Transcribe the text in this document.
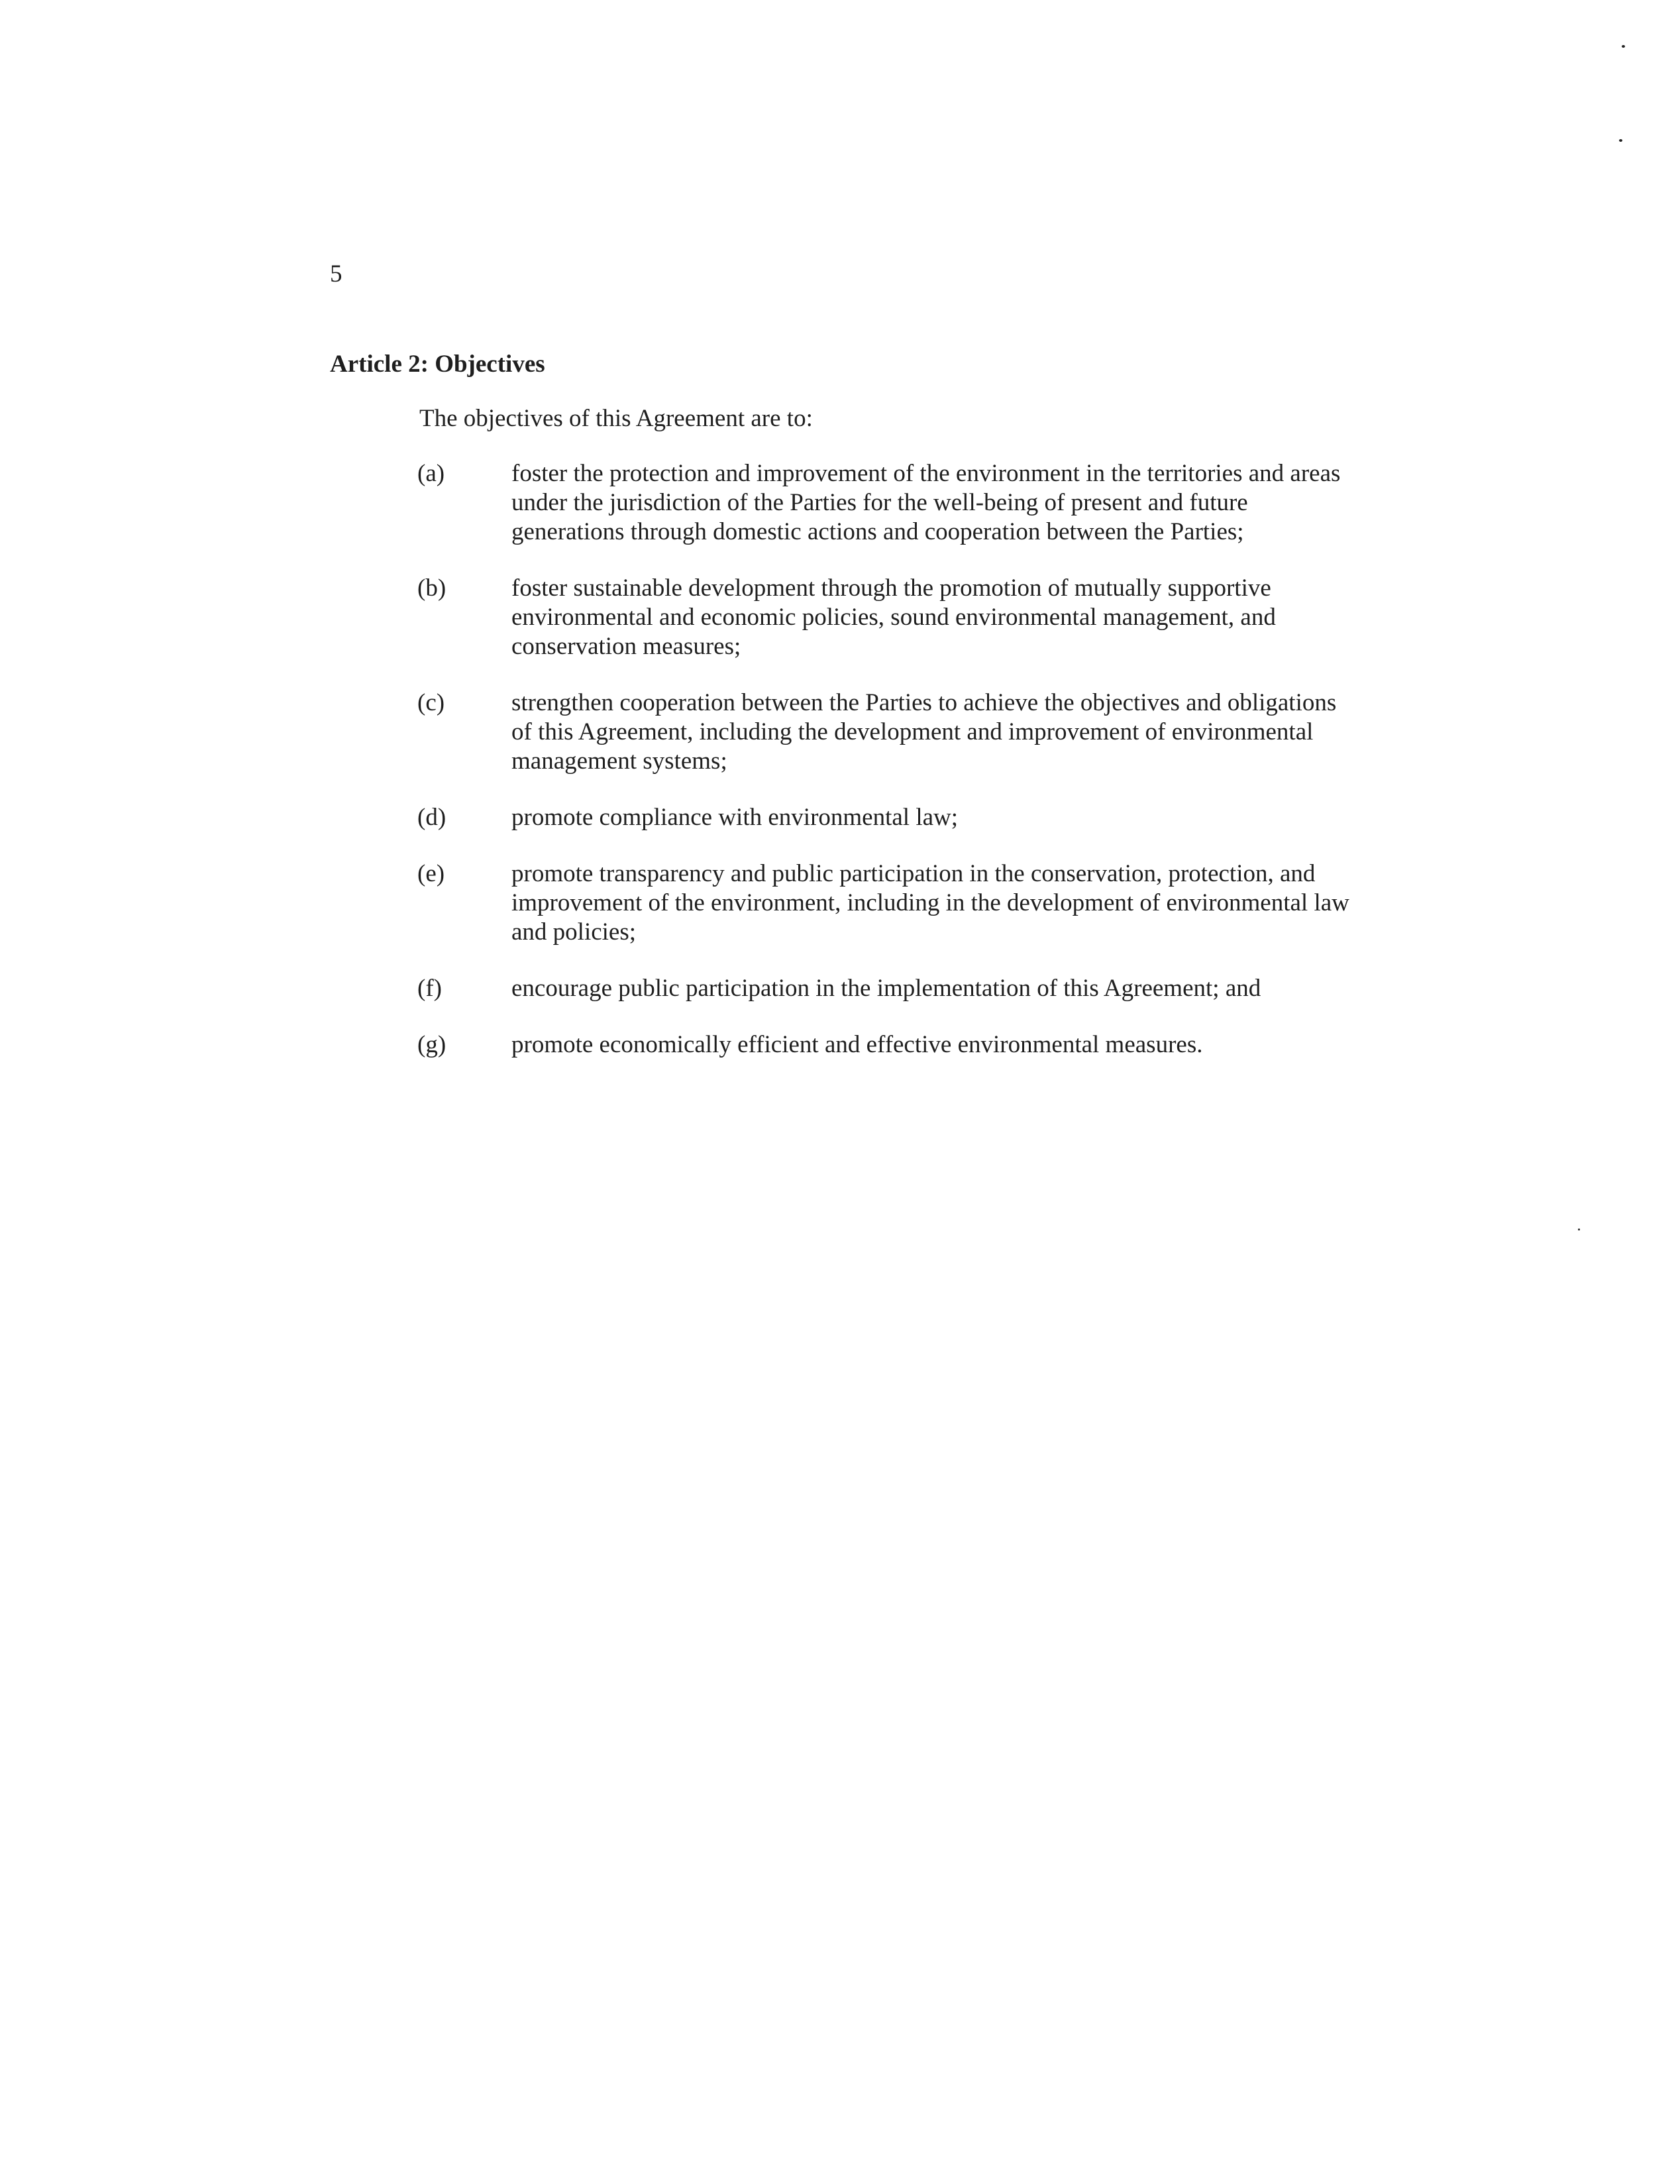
5

Article 2: Objectives

The objectives of this Agreement are to:

(a)	foster the protection and improvement of the environment in the territories and areas under the jurisdiction of the Parties for the well-being of present and future generations through domestic actions and cooperation between the Parties;
(b)	foster sustainable development through the promotion of mutually supportive environmental and economic policies, sound environmental management, and conservation measures;
(c)	strengthen cooperation between the Parties to achieve the objectives and obligations of this Agreement, including the development and improvement of environmental management systems;
(d)	promote compliance with environmental law;
(e)	promote transparency and public participation in the conservation, protection, and improvement of the environment, including in the development of environmental law and policies;
(f)	encourage public participation in the implementation of this Agreement; and
(g)	promote economically efficient and effective environmental measures.
